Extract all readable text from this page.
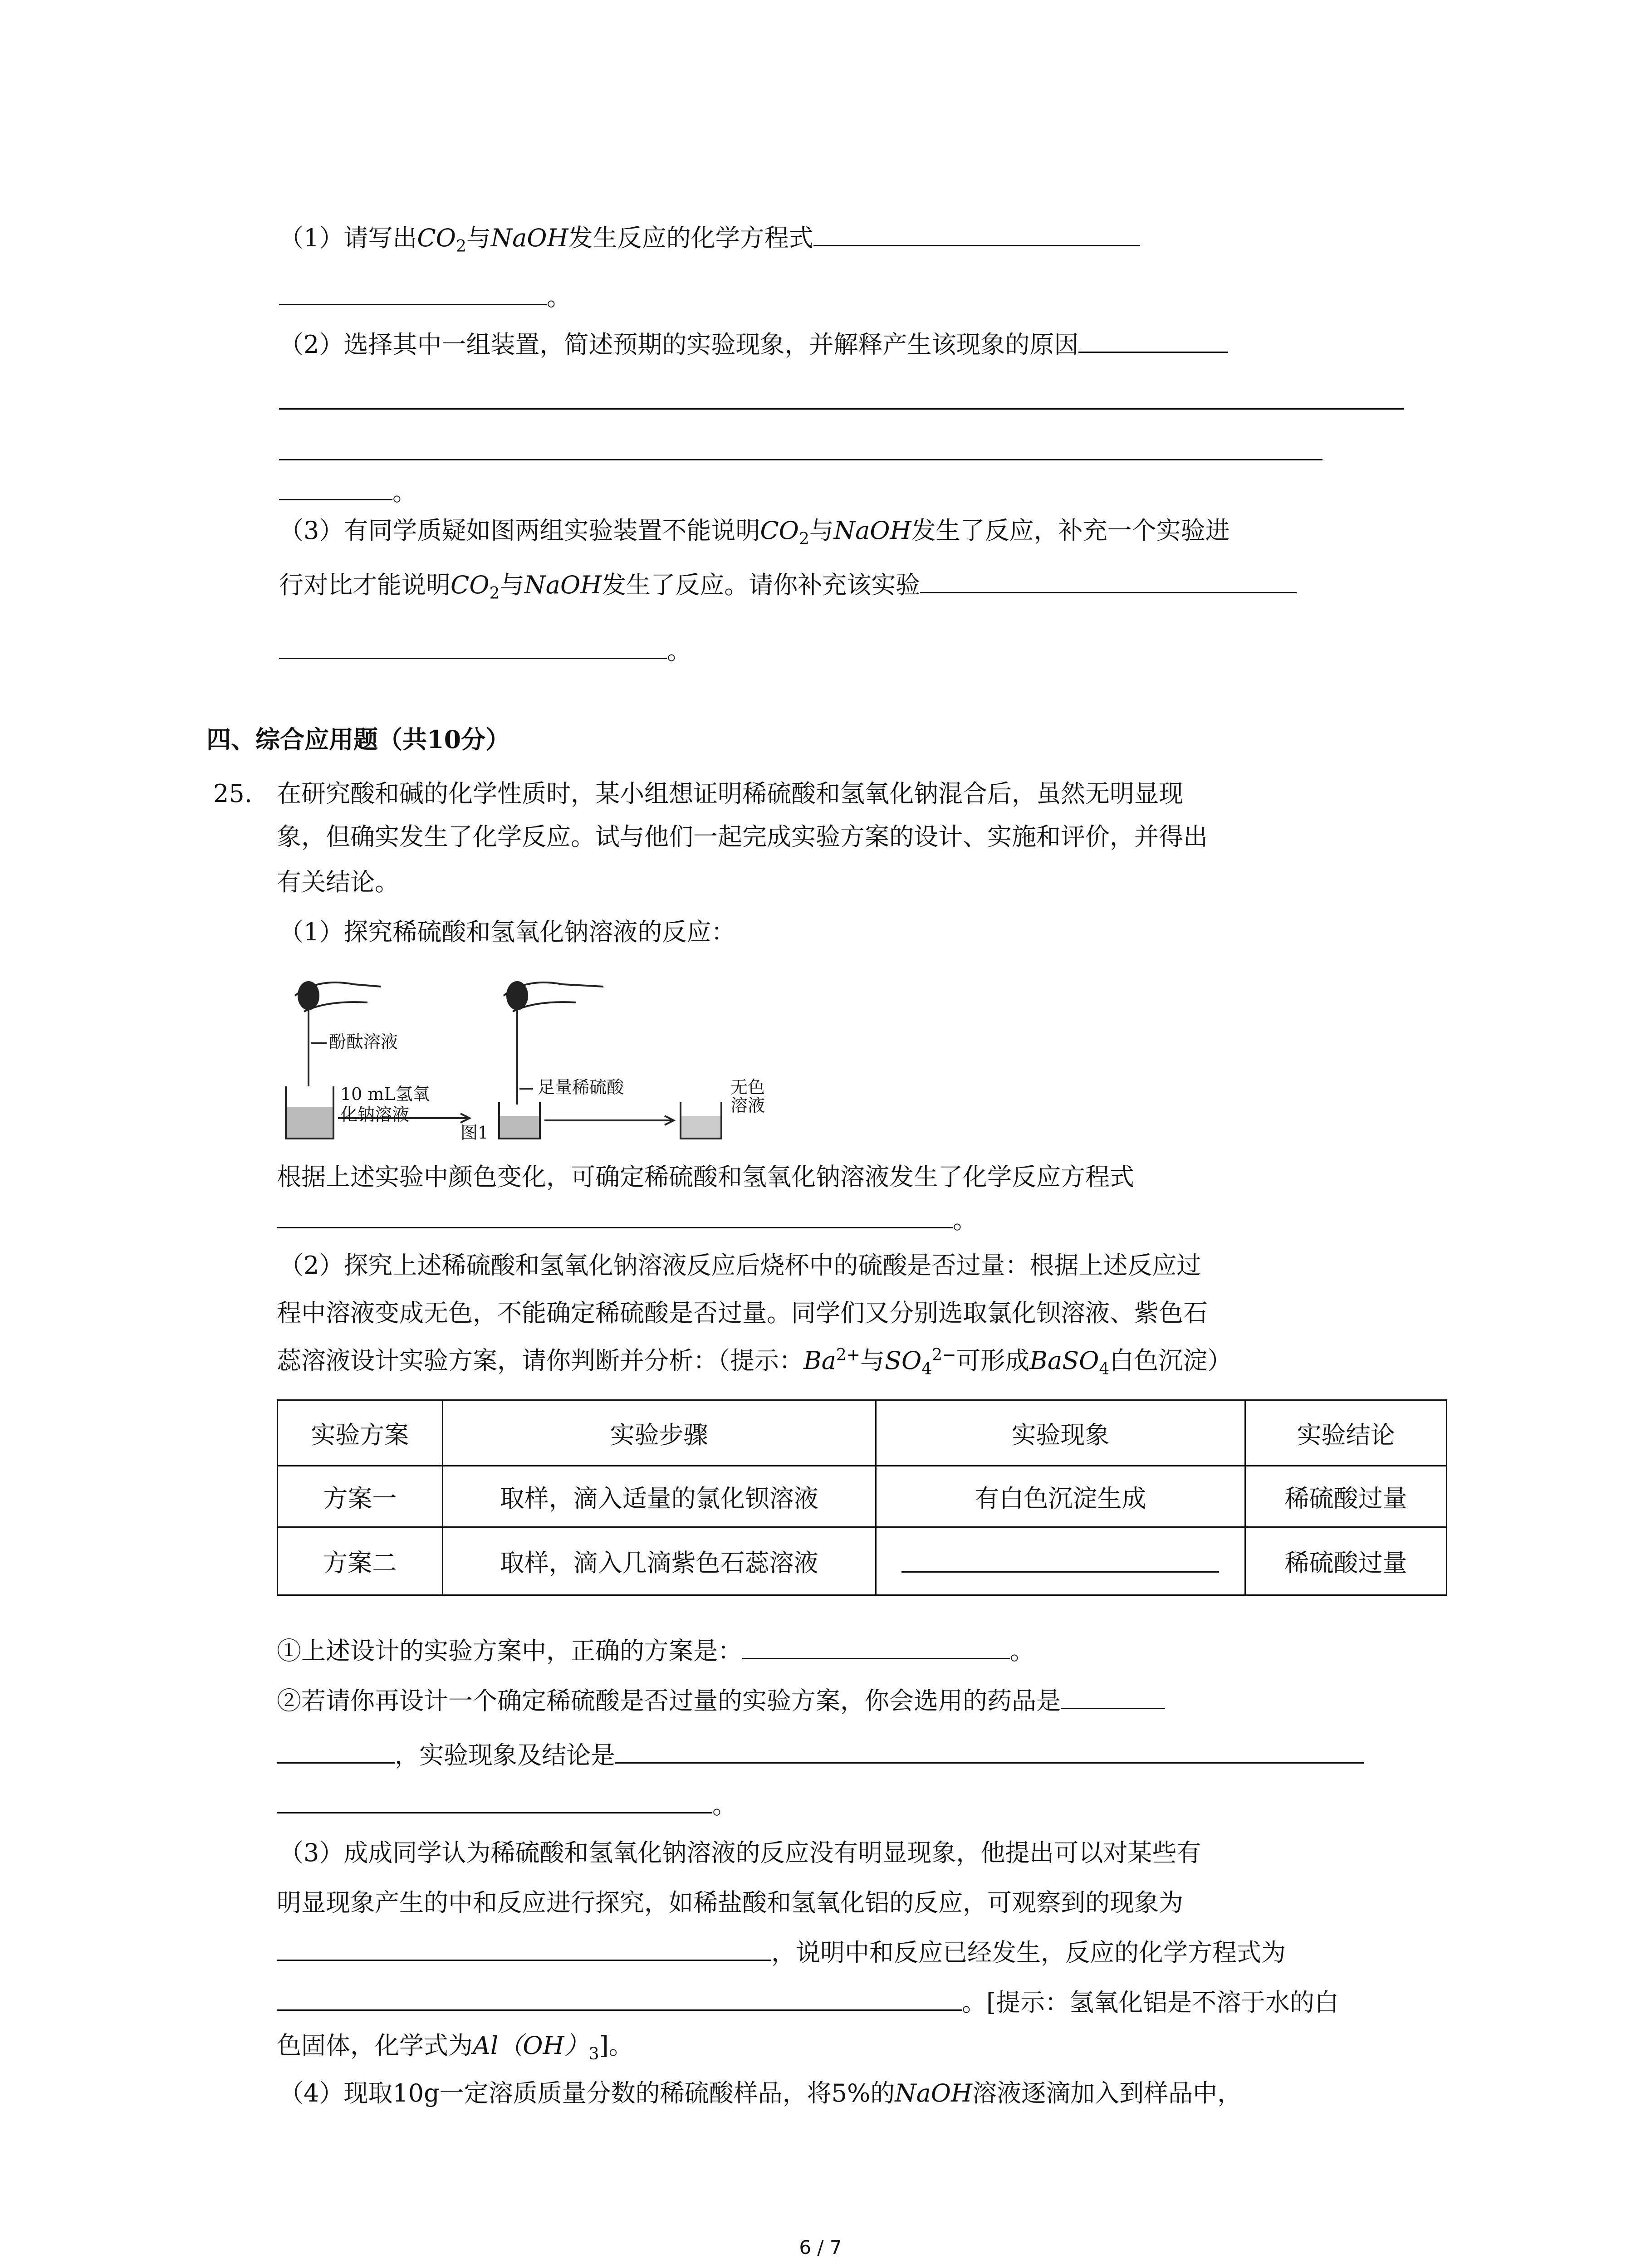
（1）请写出$CO_2$与NaOH发生反应的化学方程式
。
（2）选择其中一组装置，简述预期的实验现象，并解释产生该现象的原因
。
（3）有同学质疑如图两组实验装置不能说明$CO_2$与NaOH发生了反应，补充一个实验进
行对比才能说明$CO_2$与NaOH发生了反应。请你补充该实验
。
四、综合应用题（共10分）
25. 在研究酸和碱的化学性质时，某小组想证明稀硫酸和氢氧化钠混合后，虽然无明显现
象，但确实发生了化学反应。试与他们一起完成实验方案的设计、实施和评价，并得出
有关结论。
（1）探究稀硫酸和氢氧化钠溶液的反应：
酚酞溶液
10 mL氢氧
化钠溶液
足量稀硫酸	无色
溶液
图1
根据上述实验中颜色变化，可确定稀硫酸和氢氧化钠溶液发生了化学反应方程式
。
（2）探究上述稀硫酸和氢氧化钠溶液反应后烧杯中的硫酸是否过量：根据上述反应过
程中溶液变成无色，不能确定稀硫酸是否过量。同学们又分别选取氯化钡溶液、紫色石
蕊溶液设计实验方案，请你判断并分析：（提示：$Ba^{2+}$与$SO_4^{2-}$可形成BaSO$_4$白色沉淀）
实验方案	实验步骤	实验现象	实验结论
方案一	取样，滴入适量的氯化钡溶液	有白色沉淀生成	稀硫酸过量
方案二	取样，滴入几滴紫色石蕊溶液		稀硫酸过量
①上述设计的实验方案中，正确的方案是：	。
②若请你再设计一个确定稀硫酸是否过量的实验方案，你会选用的药品是
，实验现象及结论是
。
（3）成成同学认为稀硫酸和氢氧化钠溶液的反应没有明显现象，他提出可以对某些有
明显现象产生的中和反应进行探究，如稀盐酸和氢氧化铝的反应，可观察到的现象为
，说明中和反应已经发生，反应的化学方程式为
。[提示：氢氧化铝是不溶于水的白
色固体，化学式为$Al(OH)_3$]。
（4）现取10g一定溶质质量分数的稀硫酸样品，将5%的NaOH溶液逐滴加入到样品中，
6 / 7
